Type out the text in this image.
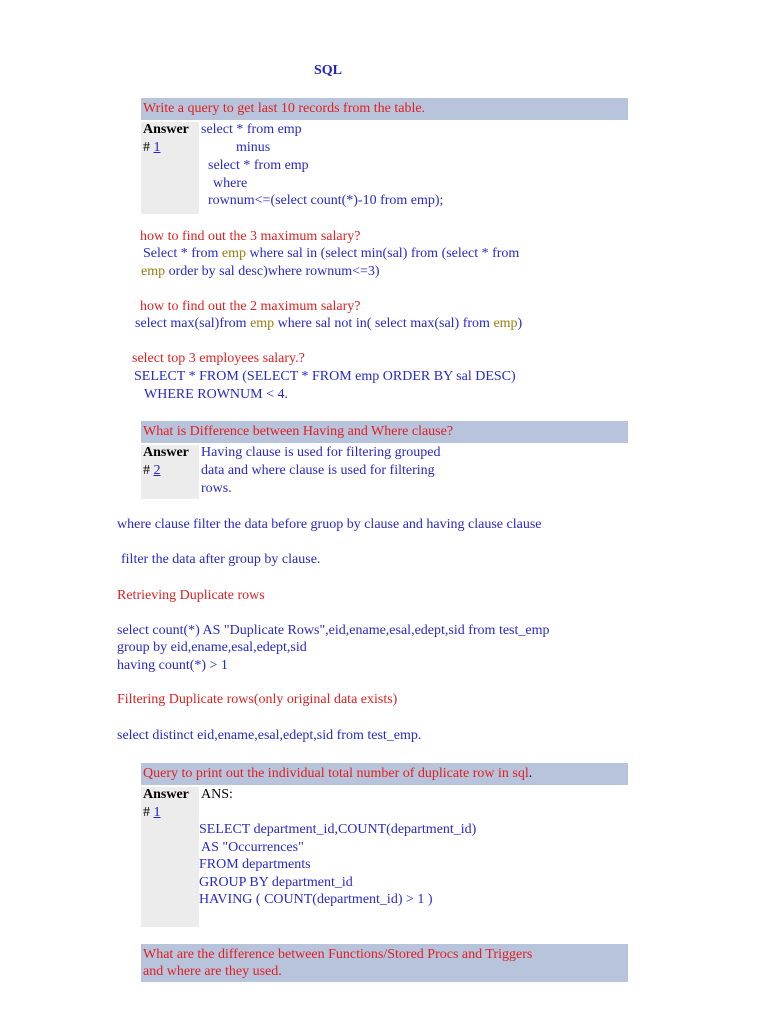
SQL
Write a query to get last 10 records from the table.
Answer
# 1
select * from emp
minus
select * from emp
where
rownum<=(select count(*)-10 from emp);
how to find out the 3 maximum salary?
Select * from emp where sal in (select min(sal) from (select * from
emp order by sal desc)where rownum<=3)
how to find out the 2 maximum salary?
select max(sal)from emp where sal not in( select max(sal) from emp)
select top 3 employees salary.?
SELECT * FROM (SELECT * FROM emp ORDER BY sal DESC)
WHERE ROWNUM < 4.
What is Difference between Having and Where clause?
Answer
# 2
Having clause is used for filtering grouped
data and where clause is used for filtering
rows.
where clause filter the data before gruop by clause and having clause clause
filter the data after group by clause.
Retrieving Duplicate rows
select count(*) AS "Duplicate Rows",eid,ename,esal,edept,sid from test_emp
group by eid,ename,esal,edept,sid
having count(*) > 1
Filtering Duplicate rows(only original data exists)
select distinct eid,ename,esal,edept,sid from test_emp.
Query to print out the individual total number of duplicate row in sql.
Answer
# 1
ANS:
SELECT department_id,COUNT(department_id)
AS "Occurrences"
FROM departments
GROUP BY department_id
HAVING ( COUNT(department_id) > 1 )
What are the difference between Functions/Stored Procs and Triggers
and where are they used.
